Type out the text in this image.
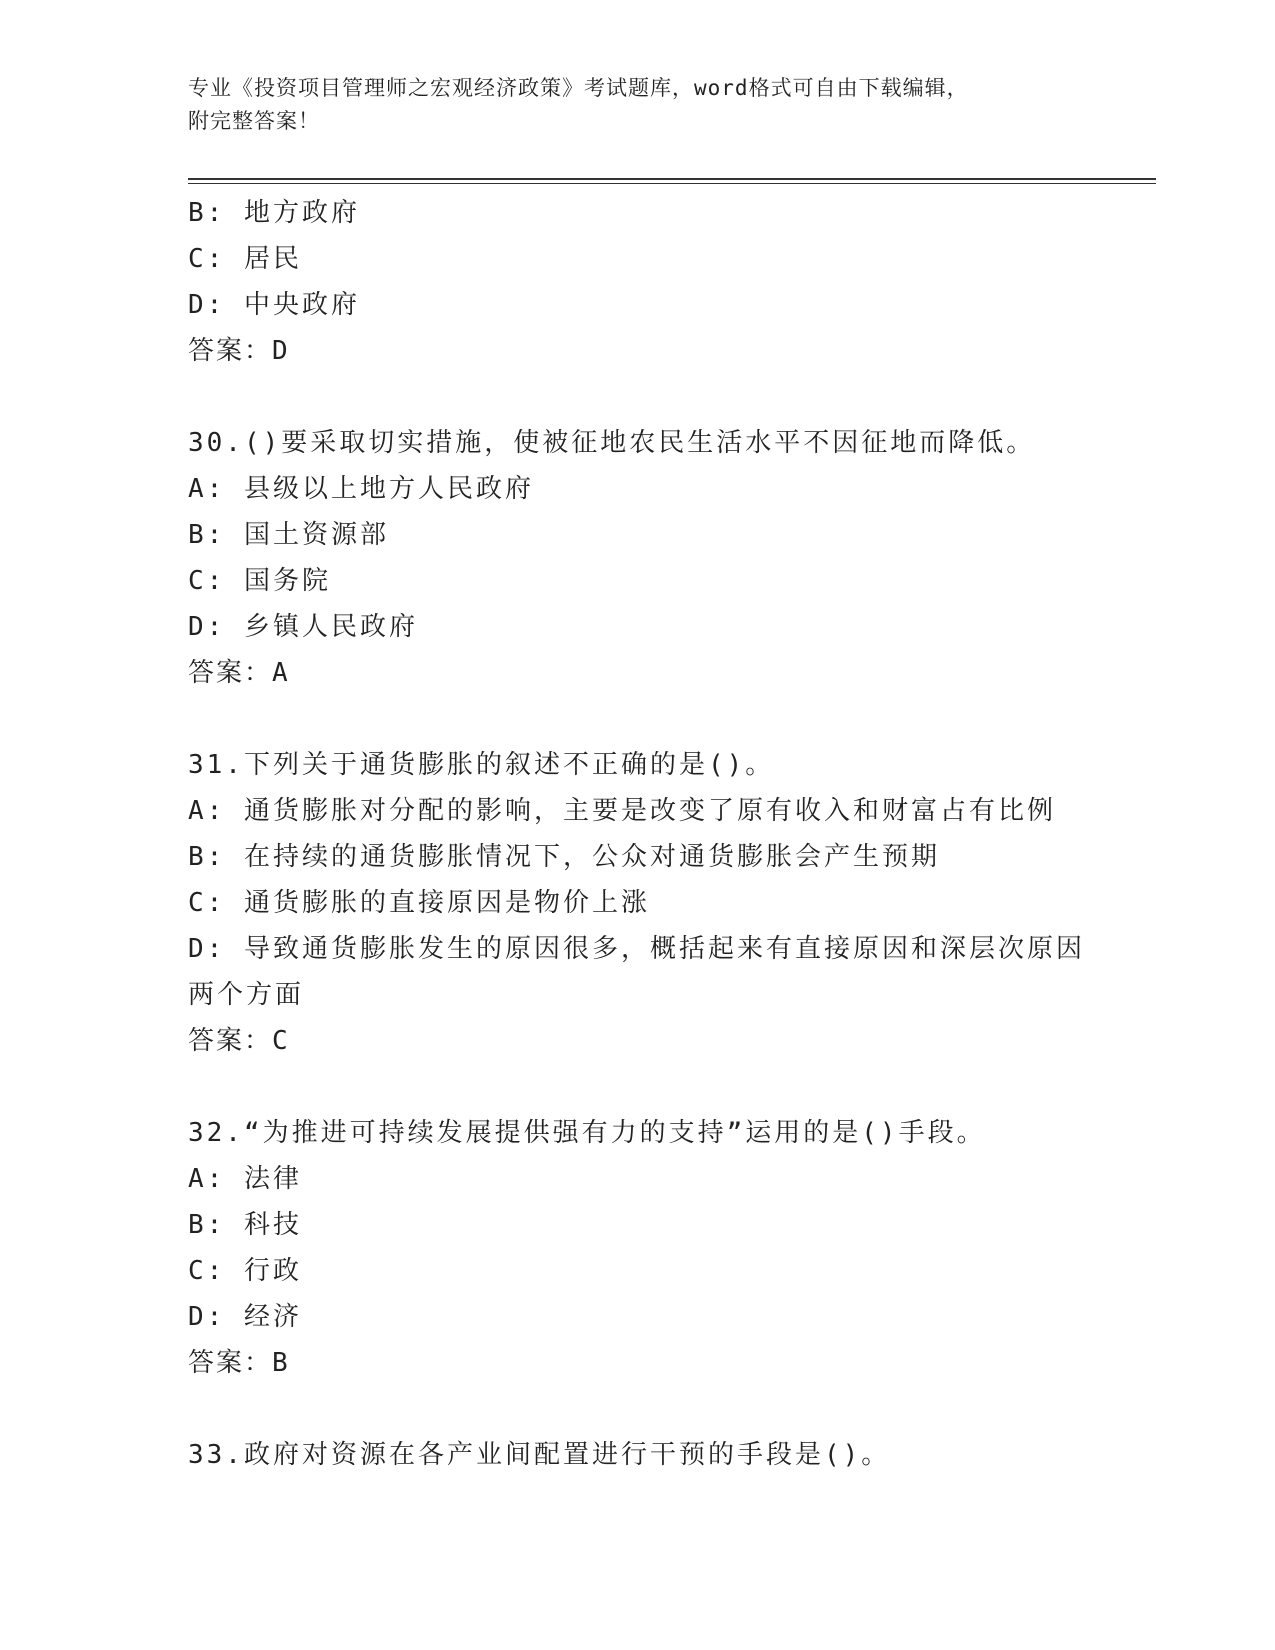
专业《投资项目管理师之宏观经济政策》考试题库，word格式可自由下载编辑，
附完整答案！
B: 地方政府
C: 居民
D: 中央政府
答案：D
30.()要采取切实措施，使被征地农民生活水平不因征地而降低。
A: 县级以上地方人民政府
B: 国土资源部
C: 国务院
D: 乡镇人民政府
答案：A
31.下列关于通货膨胀的叙述不正确的是()。
A: 通货膨胀对分配的影响，主要是改变了原有收入和财富占有比例
B: 在持续的通货膨胀情况下，公众对通货膨胀会产生预期
C: 通货膨胀的直接原因是物价上涨
D: 导致通货膨胀发生的原因很多，概括起来有直接原因和深层次原因
两个方面
答案：C
32.“为推进可持续发展提供强有力的支持”运用的是()手段。
A: 法律
B: 科技
C: 行政
D: 经济
答案：B
33.政府对资源在各产业间配置进行干预的手段是()。
